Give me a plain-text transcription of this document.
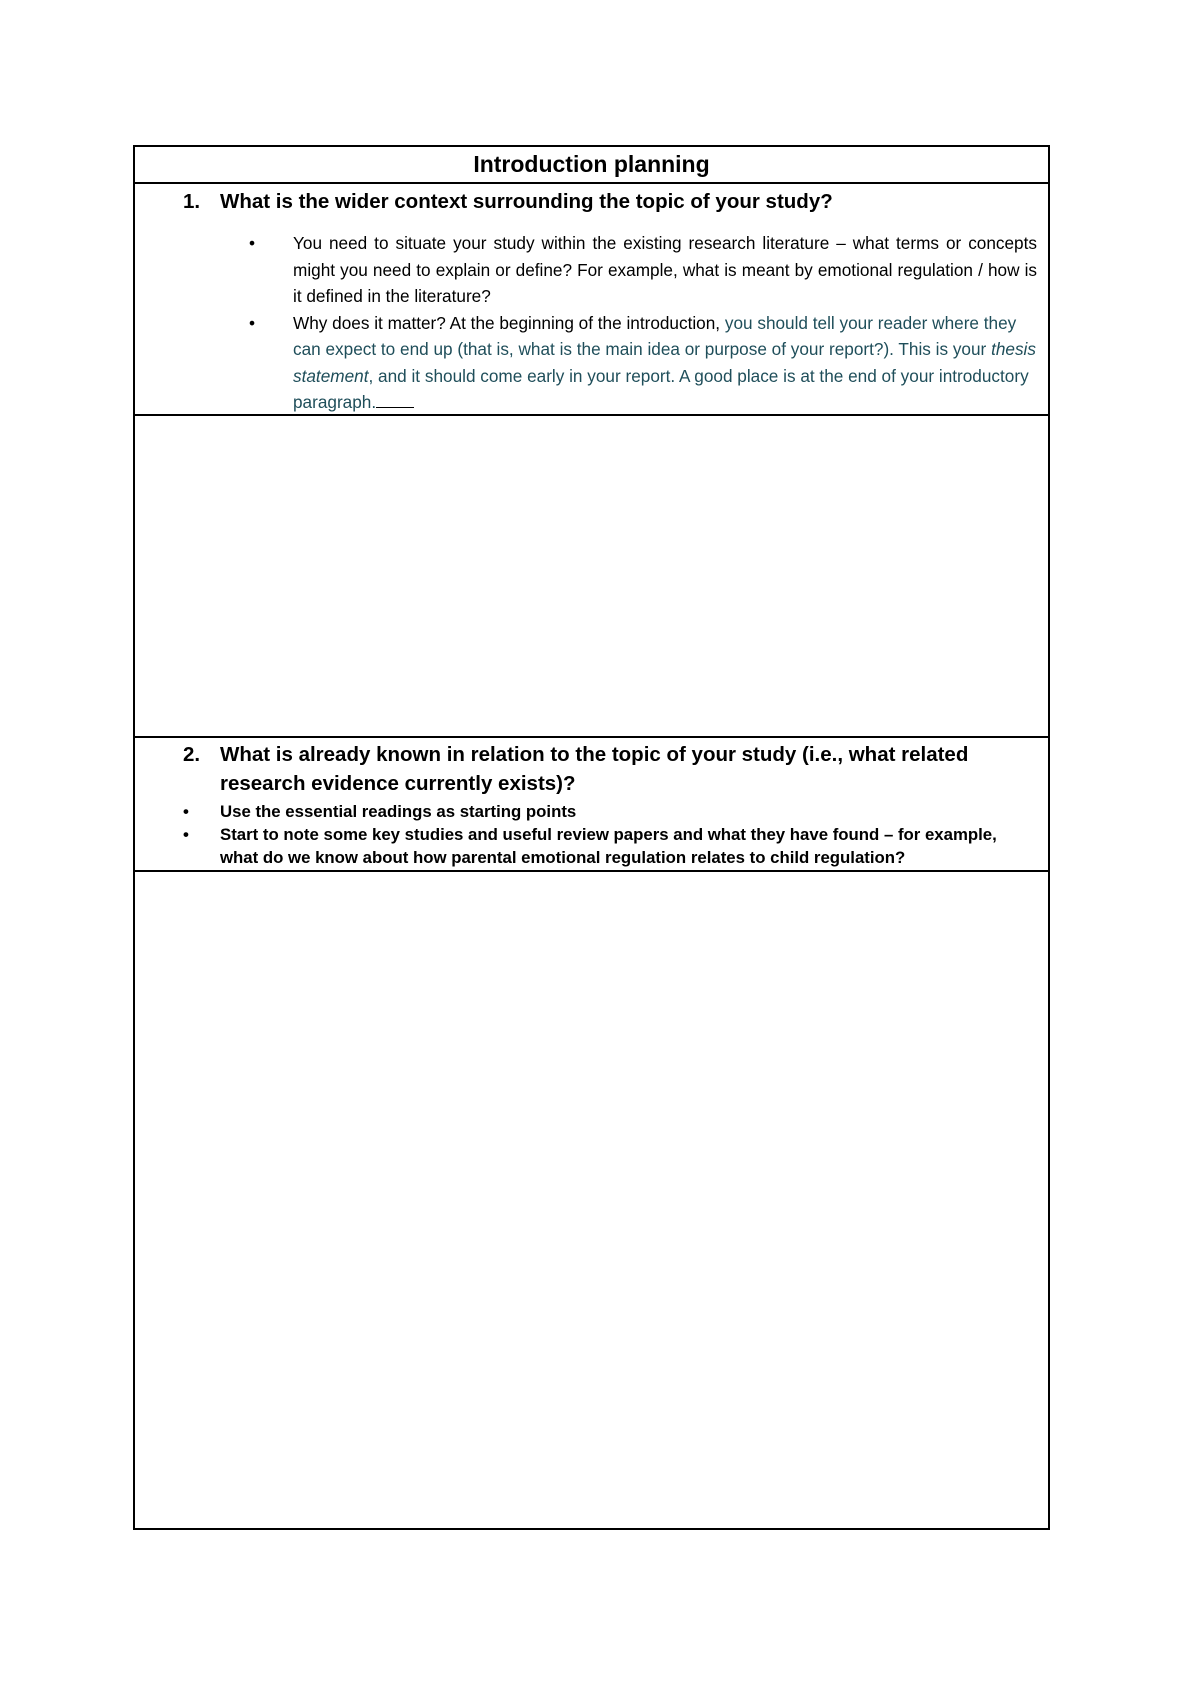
Introduction planning
1. What is the wider context surrounding the topic of your study?
• You need to situate your study within the existing research literature – what terms or concepts might you need to explain or define? For example, what is meant by emotional regulation / how is it defined in the literature?
• Why does it matter? At the beginning of the introduction, you should tell your reader where they can expect to end up (that is, what is the main idea or purpose of your report?). This is your thesis statement, and it should come early in your report. A good place is at the end of your introductory paragraph.
2. What is already known in relation to the topic of your study (i.e., what related research evidence currently exists)?
• Use the essential readings as starting points
• Start to note some key studies and useful review papers and what they have found – for example, what do we know about how parental emotional regulation relates to child regulation?
